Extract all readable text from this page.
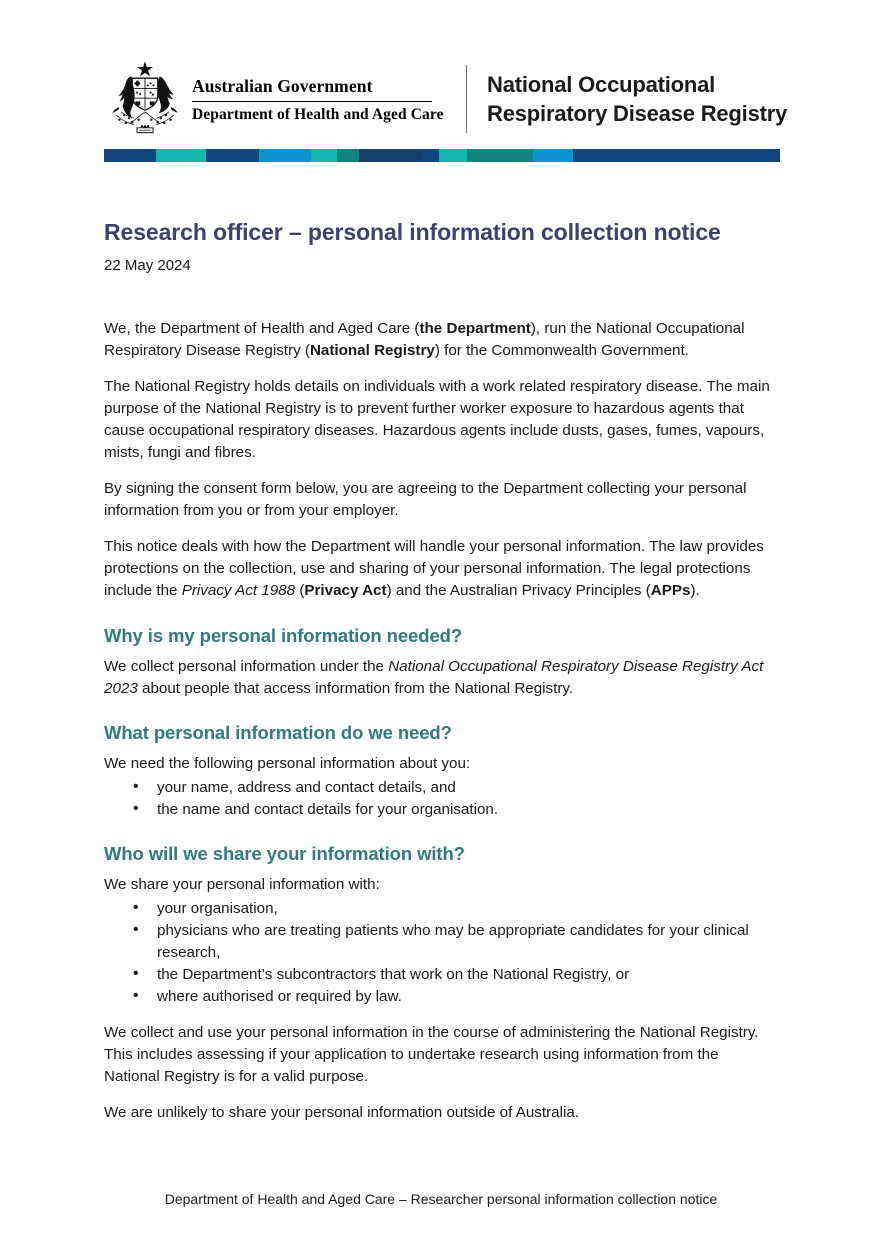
Australian Government
Department of Health and Aged Care
National Occupational
Respiratory Disease Registry
Research officer – personal information collection notice
22 May 2024

We, the Department of Health and Aged Care (the Department), run the National Occupational Respiratory Disease Registry (National Registry) for the Commonwealth Government.

The National Registry holds details on individuals with a work related respiratory disease. The main purpose of the National Registry is to prevent further worker exposure to hazardous agents that cause occupational respiratory diseases. Hazardous agents include dusts, gases, fumes, vapours, mists, fungi and fibres.

By signing the consent form below, you are agreeing to the Department collecting your personal information from you or from your employer.

This notice deals with how the Department will handle your personal information. The law provides protections on the collection, use and sharing of your personal information. The legal protections include the Privacy Act 1988 (Privacy Act) and the Australian Privacy Principles (APPs).

Why is my personal information needed?

We collect personal information under the National Occupational Respiratory Disease Registry Act 2023 about people that access information from the National Registry.

What personal information do we need?

We need the following personal information about you:

• your name, address and contact details, and
• the name and contact details for your organisation.
Who will we share your information with?

We share your personal information with:

• your organisation,
• physicians who are treating patients who may be appropriate candidates for your clinical research,
• the Department’s subcontractors that work on the National Registry, or
• where authorised or required by law.

We collect and use your personal information in the course of administering the National Registry. This includes assessing if your application to undertake research using information from the National Registry is for a valid purpose.

We are unlikely to share your personal information outside of Australia.

Department of Health and Aged Care – Researcher personal information collection notice
